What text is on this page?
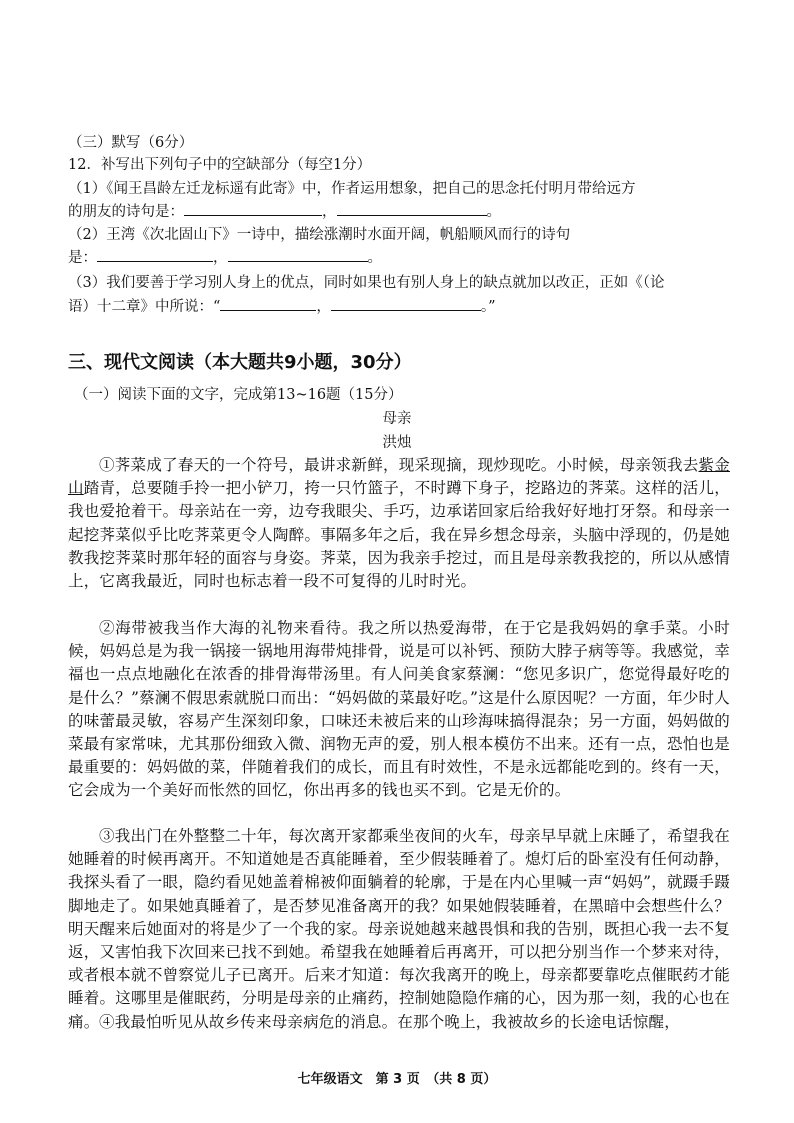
（三）默写（6分）
12．补写出下列句子中的空缺部分（每空1分）
（1）《闻王昌龄左迁龙标遥有此寄》中，作者运用想象，把自己的思念托付明月带给远方
的朋友的诗句是：	，	。
（2）王湾《次北固山下》一诗中，描绘涨潮时水面开阔，帆船顺风而行的诗句
是：	，	。
（3）我们要善于学习别人身上的优点，同时如果也有别人身上的缺点就加以改正，正如《（论
语）十二章》中所说：“	，	。”
三、现代文阅读（本大题共9小题，30分）
（一）阅读下面的文字，完成第13~16题（15分）
母亲
洪烛
①荠菜成了春天的一个符号，最讲求新鲜，现采现摘，现炒现吃。小时候，母亲领我去紫金山踏青，总要随手拎一把小铲刀，挎一只竹篮子，不时蹲下身子，挖路边的荠菜。这样的活儿，我也爱抢着干。母亲站在一旁，边夸我眼尖、手巧，边承诺回家后给我好好地打牙祭。和母亲一起挖荠菜似乎比吃荠菜更令人陶醉。事隔多年之后，我在异乡想念母亲，头脑中浮现的，仍是她教我挖荠菜时那年轻的面容与身姿。荠菜，因为我亲手挖过，而且是母亲教我挖的，所以从感情上，它离我最近，同时也标志着一段不可复得的儿时时光。
②海带被我当作大海的礼物来看待。我之所以热爱海带，在于它是我妈妈的拿手菜。小时候，妈妈总是为我一锅接一锅地用海带炖排骨，说是可以补钙、预防大脖子病等等。我感觉，幸福也一点点地融化在浓香的排骨海带汤里。有人问美食家蔡澜：“您见多识广，您觉得最好吃的是什么？”蔡澜不假思索就脱口而出：“妈妈做的菜最好吃。”这是什么原因呢？一方面，年少时人的味蕾最灵敏，容易产生深刻印象，口味还未被后来的山珍海味搞得混杂；另一方面，妈妈做的菜最有家常味，尤其那份细致入微、润物无声的爱，别人根本模仿不出来。还有一点，恐怕也是最重要的：妈妈做的菜，伴随着我们的成长，而且有时效性，不是永远都能吃到的。终有一天，它会成为一个美好而怅然的回忆，你出再多的钱也买不到。它是无价的。
③我出门在外整整二十年，每次离开家都乘坐夜间的火车，母亲早早就上床睡了，希望我在她睡着的时候再离开。不知道她是否真能睡着，至少假装睡着了。熄灯后的卧室没有任何动静，我探头看了一眼，隐约看见她盖着棉被仰面躺着的轮廓，于是在内心里喊一声“妈妈”，就蹑手蹑脚地走了。如果她真睡着了，是否梦见准备离开的我？如果她假装睡着，在黑暗中会想些什么？明天醒来后她面对的将是少了一个我的家。母亲说她越来越畏惧和我的告别，既担心我一去不复返，又害怕我下次回来已找不到她。希望我在她睡着后再离开，可以把分别当作一个梦来对待，或者根本就不曾察觉儿子已离开。后来才知道：每次我离开的晚上，母亲都要靠吃点催眠药才能睡着。这哪里是催眠药，分明是母亲的止痛药，控制她隐隐作痛的心，因为那一刻，我的心也在痛。 ④我最怕听见从故乡传来母亲病危的消息。在那个晚上，我被故乡的长途电话惊醒，
七年级语文　第 3 页　（共 8 页）
